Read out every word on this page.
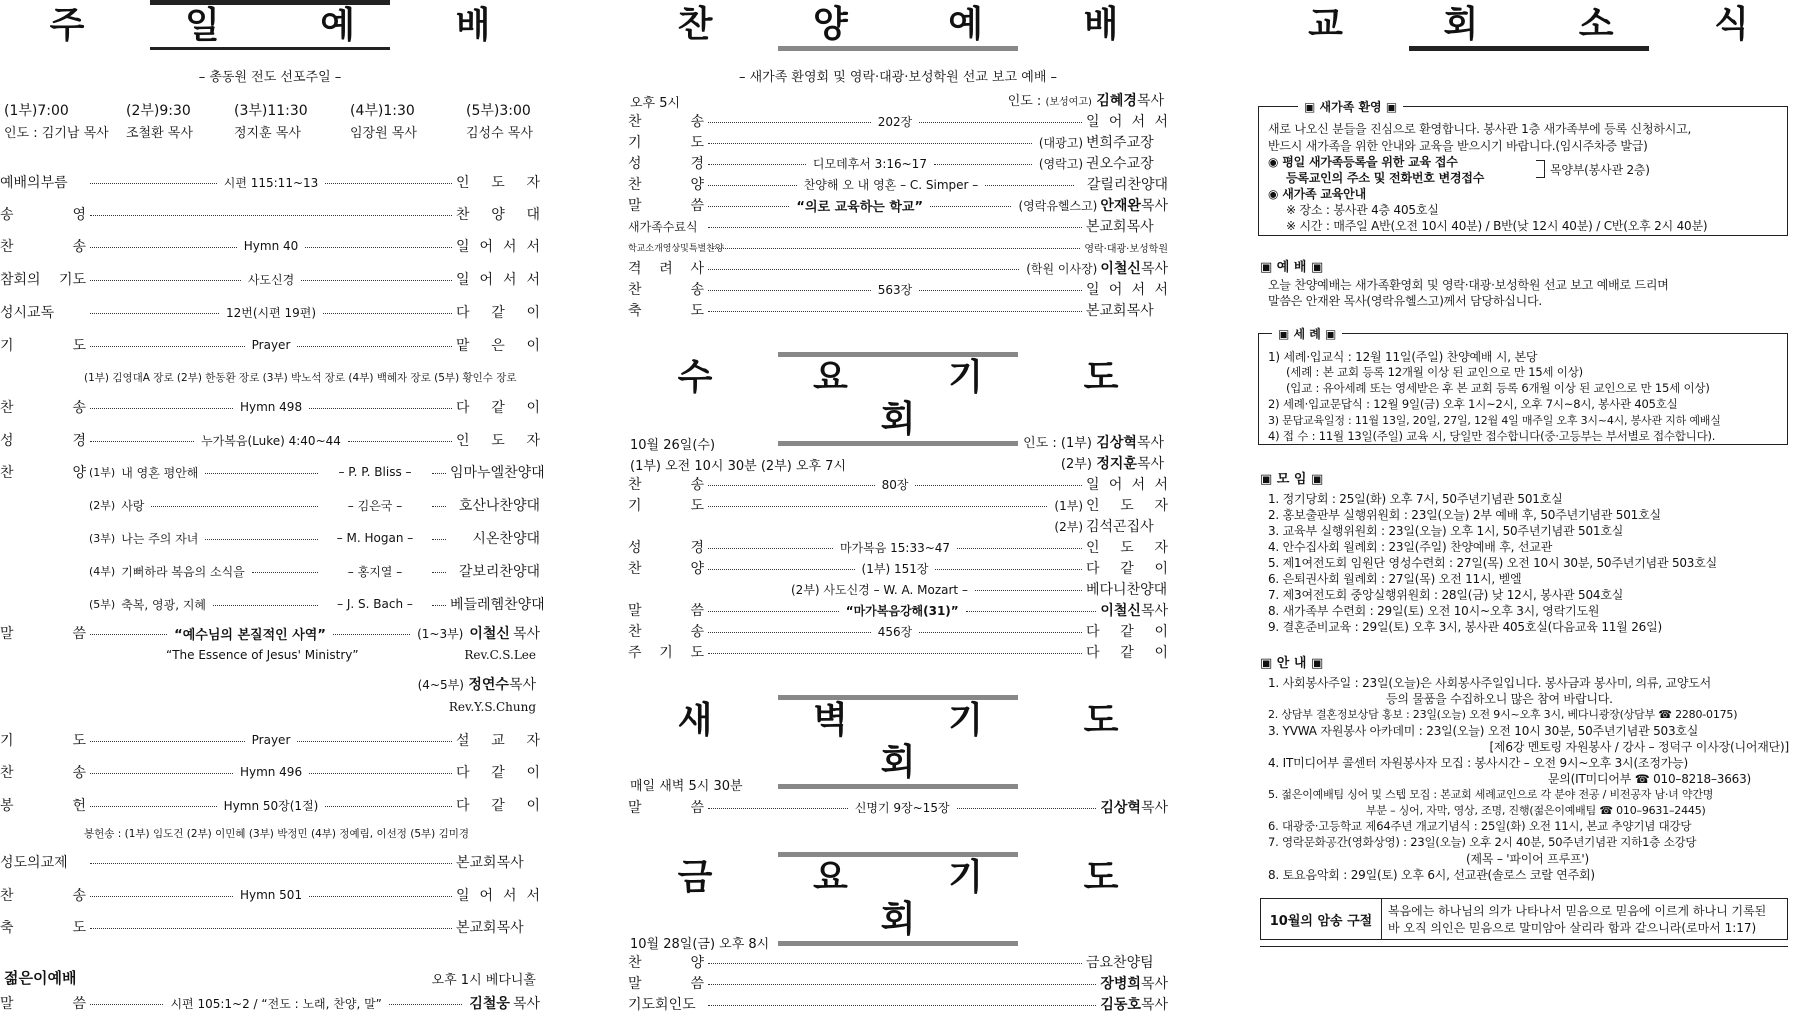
주 일 예 배
– 총동원 전도 선포주일 –
(1부)7:00	(2부)9:30	(3부)11:30	(4부)1:30	(5부)3:00
인도 : 김기남 목사 조철환 목사	정지훈 목사	임장원 목사	김성수 목사
예배의부름	시편 115:11~13	인 도 자
송 영	찬 양 대
찬 송	Hymn 40	일 어 서 서
참회의 기도	사도신경	일 어 서 서
성시교독	12번(시편 19편)	다 같 이
기 도	Prayer	맡 은 이
(1부) 김영대A 장로 (2부) 한동환 장로 (3부) 박노석 장로 (4부) 백혜자 장로 (5부) 황인수 장로
찬 송	Hymn 498	다 같 이
성 경	누가복음(Luke) 4:40~44	인 도 자
찬 양 (1부) 내 영혼 평안해	– P. P. Bliss –	임마누엘찬양대
(2부) 사랑	– 김은국 –	호산나찬양대
(3부) 나는 주의 자녀	– M. Hogan –	시온찬양대
(4부) 기뻐하라 복음의 소식을	– 홍지열 –	갈보리찬양대
(5부) 축복, 영광, 지혜	– J. S. Bach –	베들레헴찬양대
말 씀	“예수님의 본질적인 사역”	(1~3부) 이철신 목사
“The Essence of Jesus' Ministry”	Rev.C.S.Lee
(4~5부) 정연수목사
Rev.Y.S.Chung
기 도	Prayer	설 교 자
찬 송	Hymn 496	다 같 이
봉 헌	Hymn 50장(1절)	다 같 이
봉헌송 : (1부) 임도건 (2부) 이민혜 (3부) 박정민 (4부) 정예림, 이선정 (5부) 김미경
성도의교제	본교회목사
찬 송	Hymn 501	일 어 서 서
축 도	본교회목사
젊은이예배	오후 1시 베다니홀
말 씀	시편 105:1~2 / “전도 : 노래, 찬양, 말”	김철웅 목사
찬 양 예 배
– 새가족 환영회 및 영락·대광·보성학원 선교 보고 예배 –
오후 5시	인도 : (보성여고) 김혜경목사
찬 송	202장	일 어 서 서
기 도	(대광고) 변희주교장
성 경	디모데후서 3:16~17	(영락고) 권오수교장
찬 양	찬양해 오 내 영혼 – C. Simper –	갈릴리찬양대
말 씀	“의로 교육하는 학교”	(영락유헬스고) 안재완 목사
새가족수료식	본교회목사
학교소개영상및특별찬양	영락·대광·보성학원
격 려 사	(학원 이사장) 이철신 목사
찬 송	563장	일 어 서 서
축 도	본교회목사
수 요 기 도 회
10월 26일(수)	인도 : (1부) 김상혁목사
(1부) 오전 10시 30분 (2부) 오후 7시	(2부) 정지훈목사
찬 송	80장	일 어 서 서
기 도	(1부) 인 도 자
(2부) 김석곤집사
성 경	마가복음 15:33~47	인 도 자
찬 양	(1부) 151장	다 같 이
(2부) 사도신경 – W. A. Mozart –	베다니찬양대
말 씀	“마가복음강해(31)”	이철신 목사
찬 송	456장	다 같 이
주 기 도	다 같 이
새 벽 기 도 회
매일 새벽 5시 30분
말 씀	신명기 9장~15장	김상혁 목사
금 요 기 도 회
10월 28일(금) 오후 8시
찬 양	금요찬양팀
말 씀	장병희 목사
기도회인도	김동호 목사
교 회 소 식
▣ 새가족 환영 ▣
새로 나오신 분들을 진심으로 환영합니다. 봉사관 1층 새가족부에 등록 신청하시고,
반드시 새가족을 위한 안내와 교육을 받으시기 바랍니다.(임시주차증 발급)
◉ 평일 새가족등록을 위한 교육 접수
등록교인의 주소 및 전화번호 변경접수
목양부(봉사관 2층)
◉ 새가족 교육안내
※ 장소 : 봉사관 4층 405호실
※ 시간 : 매주일 A반(오전 10시 40분) / B반(낮 12시 40분) / C반(오후 2시 40분)
▣ 예 배 ▣
오늘 찬양예배는 새가족환영회 및 영락·대광·보성학원 선교 보고 예배로 드리며
말씀은 안재완 목사(영락유헬스고)께서 담당하십니다.
▣ 세 례 ▣
1) 세례·입교식 : 12월 11일(주일) 찬양예배 시, 본당
(세례 : 본 교회 등록 12개월 이상 된 교인으로 만 15세 이상)
(입교 : 유아세례 또는 영세받은 후 본 교회 등록 6개월 이상 된 교인으로 만 15세 이상)
2) 세례·입교문답식 : 12월 9일(금) 오후 1시~2시, 오후 7시~8시, 봉사관 405호실
3) 문답교육일정 : 11월 13일, 20일, 27일, 12월 4일 매주일 오후 3시~4시, 봉사관 지하 예배실
4) 접 수 : 11월 13일(주일) 교육 시, 당일만 접수합니다(중·고등부는 부서별로 접수합니다).
▣ 모 임 ▣
1. 정기당회 : 25일(화) 오후 7시, 50주년기념관 501호실
2. 홍보출판부 실행위원회 : 23일(오늘) 2부 예배 후, 50주년기념관 501호실
3. 교육부 실행위원회 : 23일(오늘) 오후 1시, 50주년기념관 501호실
4. 안수집사회 월례회 : 23일(주일) 찬양예배 후, 선교관
5. 제1여전도회 임원단 영성수련회 : 27일(목) 오전 10시 30분, 50주년기념관 503호실
6. 은퇴권사회 월례회 : 27일(목) 오전 11시, 벧엘
7. 제3여전도회 중앙실행위원회 : 28일(금) 낮 12시, 봉사관 504호실
8. 새가족부 수련회 : 29일(토) 오전 10시~오후 3시, 영락기도원
9. 결혼준비교육 : 29일(토) 오후 3시, 봉사관 405호실(다음교육 11월 26일)
▣ 안 내 ▣
1. 사회봉사주일 : 23일(오늘)은 사회봉사주일입니다. 봉사금과 봉사미, 의류, 교양도서
등의 물품을 수집하오니 많은 참여 바랍니다.
2. 상담부 결혼정보상담 홍보 : 23일(오늘) 오전 9시~오후 3시, 베다니광장(상담부 ☎ 2280-0175)
3. YVWA 자원봉사 아카데미 : 23일(오늘) 오전 10시 30분, 50주년기념관 503호실
[제6강 멘토링 자원봉사 / 강사 – 정덕구 이사장(니어재단)]
4. IT미디어부 콜센터 자원봉사자 모집 : 봉사시간 – 오전 9시~오후 3시(조정가능)
문의(IT미디어부 ☎ 010–8218–3663)
5. 젊은이예배팀 싱어 및 스텝 모집 : 본교회 세례교인으로 각 분야 전공 / 비전공자 남·녀 약간명
부분 – 싱어, 자막, 영상, 조명, 진행(젊은이예배팀 ☎ 010–9631–2445)
6. 대광중·고등학교 제64주년 개교기념식 : 25일(화) 오전 11시, 본교 추양기념 대강당
7. 영락문화공간(영화상영) : 23일(오늘) 오후 2시 40분, 50주년기념관 지하1층 소강당
(제목 – '파이어 프루프')
8. 토요음악회 : 29일(토) 오후 6시, 선교관(솔로스 코랄 연주회)
10월의 암송 구절
복음에는 하나님의 의가 나타나서 믿음으로 믿음에 이르게 하나니 기록된
바 오직 의인은 믿음으로 말미암아 살리라 함과 같으니라(로마서 1:17)
